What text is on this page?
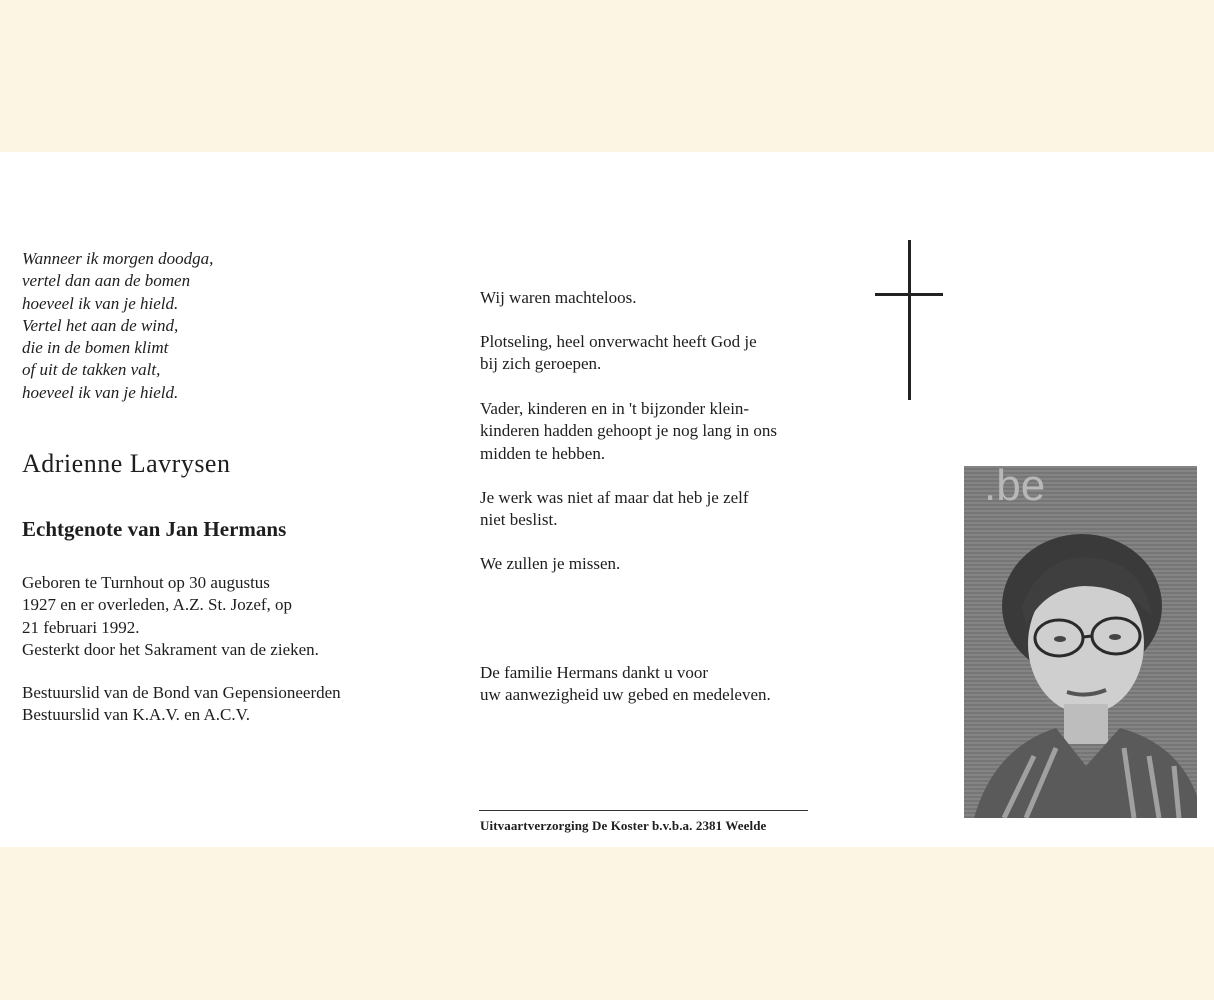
Wanneer ik morgen doodga,
vertel dan aan de bomen
hoeveel ik van je hield.
Vertel het aan de wind,
die in de bomen klimt
of uit de takken valt,
hoeveel ik van je hield.
Adrienne Lavrysen
Echtgenote van Jan Hermans
Geboren te Turnhout op 30 augustus
1927 en er overleden, A.Z. St. Jozef, op
21 februari 1992.
Gesterkt door het Sakrament van de zieken.
Bestuurslid van de Bond van Gepensioneerden
Bestuurslid van K.A.V. en A.C.V.
Wij waren machteloos.
Plotseling, heel onverwacht heeft God je
bij zich geroepen.
Vader, kinderen en in 't bijzonder klein-
kinderen hadden gehoopt je nog lang in ons
midden te hebben.
Je werk was niet af maar dat heb je zelf
niet beslist.
We zullen je missen.
De familie Hermans dankt u voor
uw aanwezigheid uw gebed en medeleven.
Uitvaartverzorging De Koster b.v.b.a. 2381 Weelde
.be
